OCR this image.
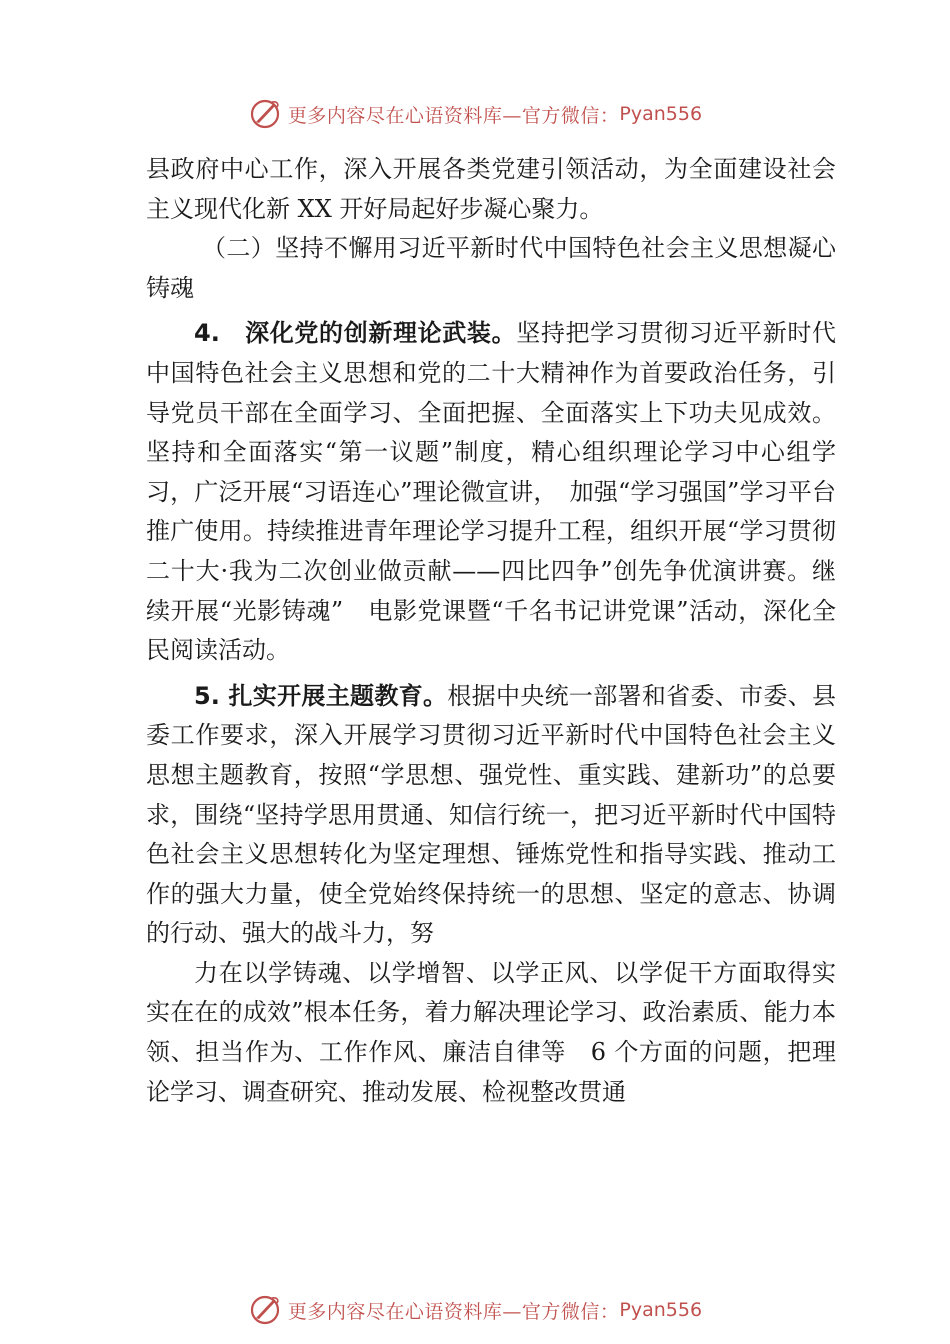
更多内容尽在心语资料库—官方微信： Pyan556

县政府中心工作，深入开展各类党建引领活动，为全面建设社会主义现代化新 XX 开好局起好步凝心聚力。

（二）坚持不懈用习近平新时代中国特色社会主义思想凝心铸魂

4.　深化党的创新理论武装。坚持把学习贯彻习近平新时代中国特色社会主义思想和党的二十大精神作为首要政治任务，引导党员干部在全面学习、全面把握、全面落实上下功夫见成效。坚持和全面落实“第一议题”制度，精心组织理论学习中心组学习，广泛开展“习语连心”理论微宣讲，　加强“学习强国”学习平台推广使用。持续推进青年理论学习提升工程，组织开展“学习贯彻二十大·我为二次创业做贡献——四比四争”创先争优演讲赛。继续开展“光影铸魂”　电影党课暨“千名书记讲党课”活动，深化全民阅读活动。

5. 扎实开展主题教育。根据中央统一部署和省委、市委、县委工作要求，深入开展学习贯彻习近平新时代中国特色社会主义思想主题教育，按照“学思想、强党性、重实践、建新功”的总要求，围绕“坚持学思用贯通、知信行统一，把习近平新时代中国特色社会主义思想转化为坚定理想、锤炼党性和指导实践、推动工作的强大力量，使全党始终保持统一的思想、坚定的意志、协调的行动、强大的战斗力，努

力在以学铸魂、以学增智、以学正风、以学促干方面取得实实在在的成效”根本任务，着力解决理论学习、政治素质、能力本领、担当作为、工作作风、廉洁自律等　6 个方面的问题，把理论学习、调查研究、推动发展、检视整改贯通

更多内容尽在心语资料库—官方微信： Pyan556
